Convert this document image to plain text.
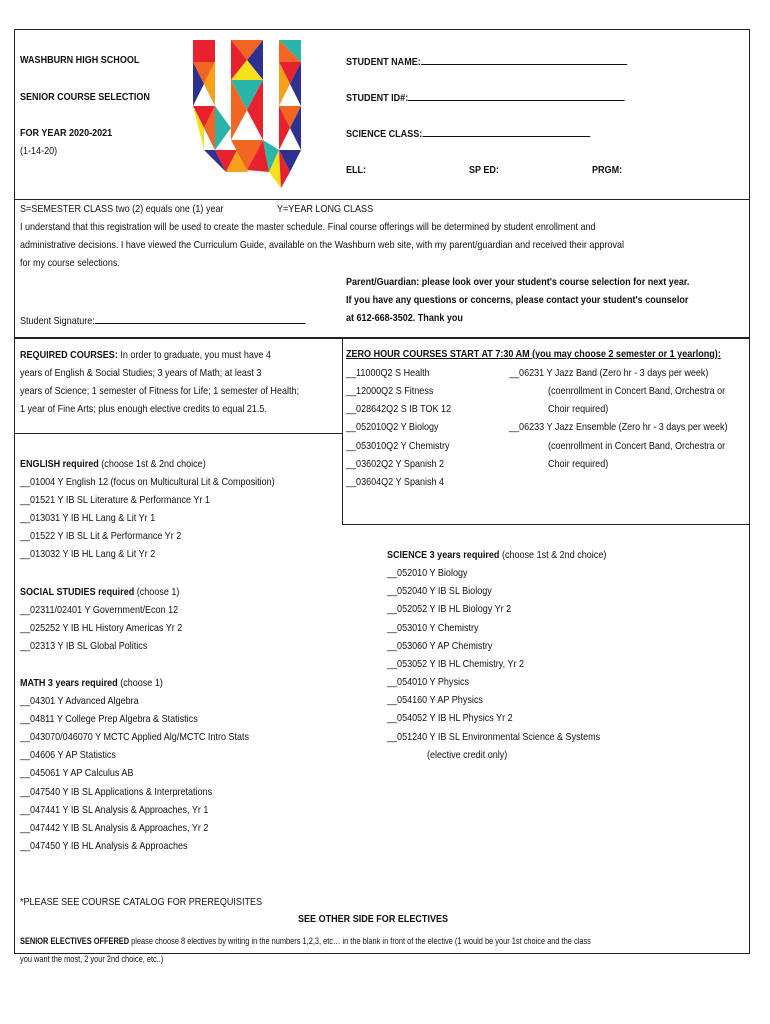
WASHBURN HIGH SCHOOL
SENIOR COURSE SELECTION
FOR YEAR 2020-2021
(1-14-20)
STUDENT NAME:
STUDENT ID#:
SCIENCE CLASS:
ELL:	SP ED:	PRGM:
S=SEMESTER CLASS two (2) equals one (1) year	Y=YEAR LONG CLASS
I understand that this registration will be used to create the master schedule. Final course offerings will be determined by student enrollment and
administrative decisions. I have viewed the Curriculum Guide, available on the Washburn web site, with my parent/guardian and received their approval
for my course selections.
Parent/Guardian: please look over your student's course selection for next year.
If you have any questions or concerns, please contact your student's counselor
at 612-668-3502. Thank you
Student Signature:
REQUIRED COURSES: In order to graduate, you must have 4
years of English & Social Studies; 3 years of Math; at least 3
years of Science; 1 semester of Fitness for Life; 1 semester of Health;
1 year of Fine Arts; plus enough elective credits to equal 21.5.
ZERO HOUR COURSES START AT 7:30 AM (you may choose 2 semester or 1 yearlong):
__11000Q2 S Health
__12000Q2 S Fitness
__028642Q2 S IB TOK 12
__052010Q2 Y Biology
__053010Q2 Y Chemistry
__03602Q2 Y Spanish 2
__03604Q2 Y Spanish 4
__06231 Y Jazz Band (Zero hr - 3 days per week)
(coenrollment in Concert Band, Orchestra or
Choir required)
__06233 Y Jazz Ensemble (Zero hr - 3 days per week)
(coenrollment in Concert Band, Orchestra or
Choir required)
ENGLISH required (choose 1st & 2nd choice)
__01004 Y English 12 (focus on Multicultural Lit & Composition)
__01521 Y IB SL Literature & Performance Yr 1
__013031 Y IB HL Lang & Lit Yr 1
__01522 Y IB SL Lit & Performance Yr 2
__013032 Y IB HL Lang & Lit Yr 2
SOCIAL STUDIES required (choose 1)
__02311/02401 Y Government/Econ 12
__025252 Y IB HL History Americas Yr 2
__02313 Y IB SL Global Politics
MATH 3 years required (choose 1)
__04301 Y Advanced Algebra
__04811 Y College Prep Algebra & Statistics
__043070/046070 Y MCTC Applied Alg/MCTC Intro Stats
__04606 Y AP Statistics
__045061 Y AP Calculus AB
__047540 Y IB SL Applications & Interpretations
__047441 Y IB SL Analysis & Approaches, Yr 1
__047442 Y IB SL Analysis & Approaches, Yr 2
__047450 Y IB HL Analysis & Approaches
SCIENCE 3 years required (choose 1st & 2nd choice)
__052010 Y Biology
__052040 Y IB SL Biology
__052052 Y IB HL Biology Yr 2
__053010 Y Chemistry
__053060 Y AP Chemistry
__053052 Y IB HL Chemistry, Yr 2
__054010 Y Physics
__054160 Y AP Physics
__054052 Y IB HL Physics Yr 2
__051240 Y IB SL Environmental Science & Systems
(elective credit only)
*PLEASE SEE COURSE CATALOG FOR PREREQUISITES
SEE OTHER SIDE FOR ELECTIVES
SENIOR ELECTIVES OFFERED please choose 8 electives by writing in the numbers 1,2,3, etc… in the blank in front of the elective (1 would be your 1st choice and the class
you want the most, 2 your 2nd choice, etc..)
